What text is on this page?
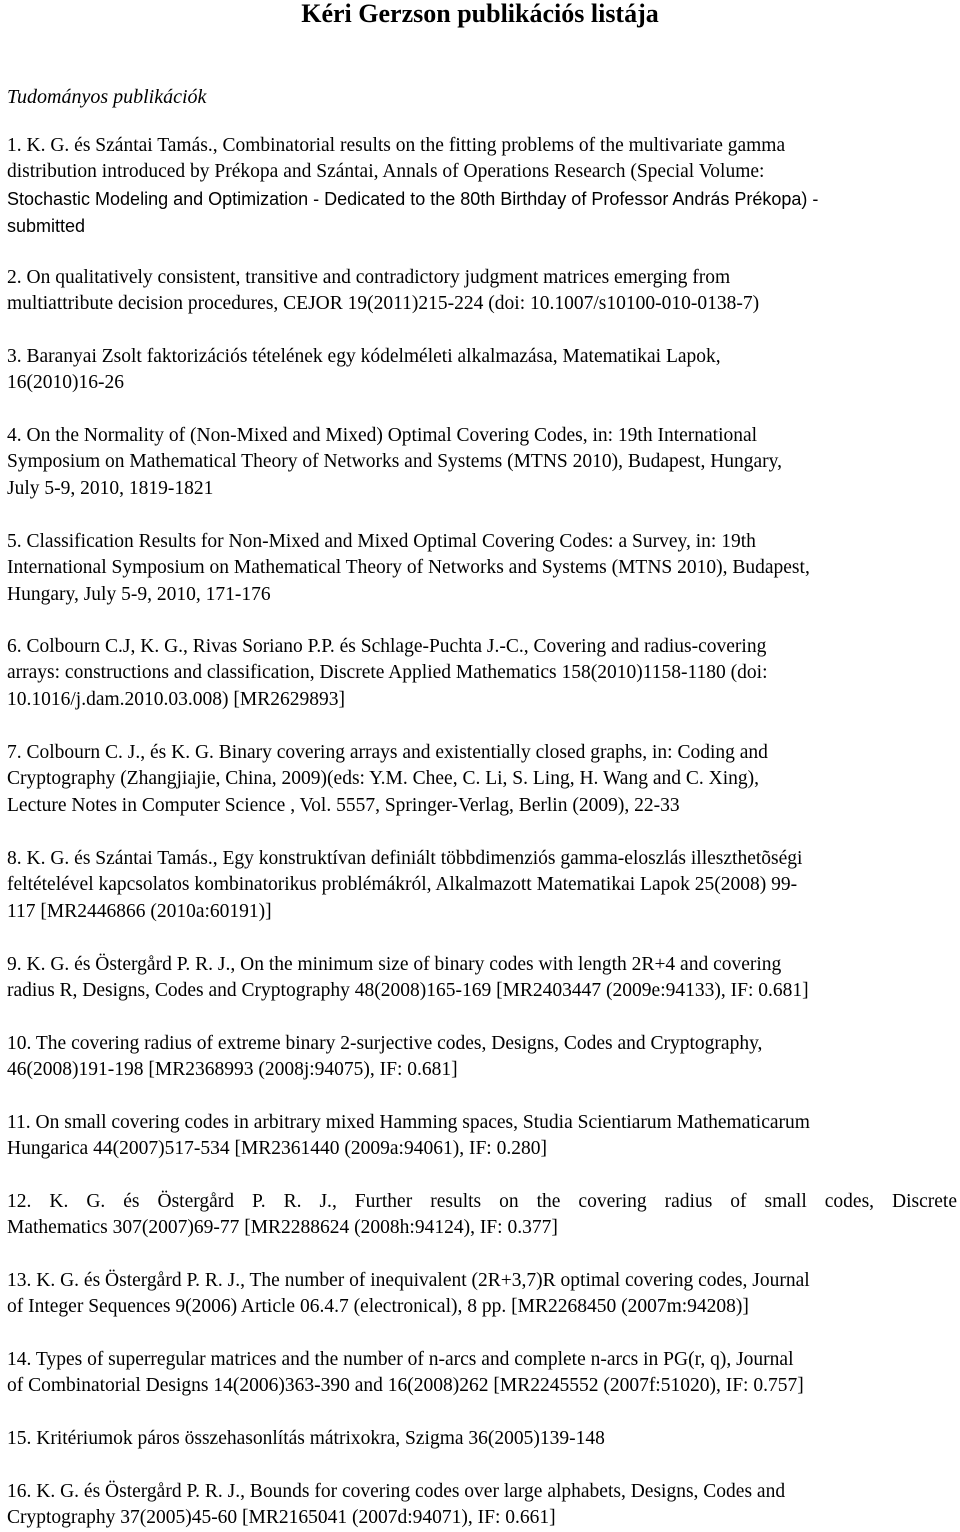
Kéri Gerzson publikációs listája
Tudományos publikációk
1. K. G. és Szántai Tamás., Combinatorial results on the fitting problems of the multivariate gamma
distribution introduced by Prékopa and Szántai, Annals of Operations Research (Special Volume:
Stochastic Modeling and Optimization - Dedicated to the 80th Birthday of Professor András Prékopa) -
submitted
2. On qualitatively consistent, transitive and contradictory judgment matrices emerging from
multiattribute decision procedures, CEJOR 19(2011)215-224 (doi: 10.1007/s10100-010-0138-7)
3. Baranyai Zsolt faktorizációs tételének egy kódelméleti alkalmazása, Matematikai Lapok,
16(2010)16-26
4. On the Normality of (Non-Mixed and Mixed) Optimal Covering Codes, in: 19th International
Symposium on Mathematical Theory of Networks and Systems (MTNS 2010), Budapest, Hungary,
July 5-9, 2010, 1819-1821
5. Classification Results for Non-Mixed and Mixed Optimal Covering Codes: a Survey, in: 19th
International Symposium on Mathematical Theory of Networks and Systems (MTNS 2010), Budapest,
Hungary, July 5-9, 2010, 171-176
6. Colbourn C.J, K. G., Rivas Soriano P.P. és Schlage-Puchta J.-C., Covering and radius-covering
arrays: constructions and classification, Discrete Applied Mathematics 158(2010)1158-1180 (doi:
10.1016/j.dam.2010.03.008) [MR2629893]
7. Colbourn C. J., és K. G. Binary covering arrays and existentially closed graphs, in: Coding and
Cryptography (Zhangjiajie, China, 2009)(eds: Y.M. Chee, C. Li, S. Ling, H. Wang and C. Xing),
Lecture Notes in Computer Science , Vol. 5557, Springer-Verlag, Berlin (2009), 22-33
8. K. G. és Szántai Tamás., Egy konstruktívan definiált többdimenziós gamma-eloszlás illeszthetõségi
feltételével kapcsolatos kombinatorikus problémákról, Alkalmazott Matematikai Lapok 25(2008) 99-
117 [MR2446866 (2010a:60191)]
9. K. G. és Östergård P. R. J., On the minimum size of binary codes with length 2R+4 and covering
radius R, Designs, Codes and Cryptography 48(2008)165-169 [MR2403447 (2009e:94133), IF: 0.681]
10. The covering radius of extreme binary 2-surjective codes, Designs, Codes and Cryptography,
46(2008)191-198 [MR2368993 (2008j:94075), IF: 0.681]
11. On small covering codes in arbitrary mixed Hamming spaces, Studia Scientiarum Mathematicarum
Hungarica 44(2007)517-534 [MR2361440 (2009a:94061), IF: 0.280]
12. K. G. és Östergård P. R. J., Further results on the covering radius of small codes, Discrete
Mathematics 307(2007)69-77 [MR2288624 (2008h:94124), IF: 0.377]
13. K. G. és Östergård P. R. J., The number of inequivalent (2R+3,7)R optimal covering codes, Journal
of Integer Sequences 9(2006) Article 06.4.7 (electronical), 8 pp. [MR2268450 (2007m:94208)]
14. Types of superregular matrices and the number of n-arcs and complete n-arcs in PG(r, q), Journal
of Combinatorial Designs 14(2006)363-390 and 16(2008)262 [MR2245552 (2007f:51020), IF: 0.757]
15. Kritériumok páros összehasonlítás mátrixokra, Szigma 36(2005)139-148
16. K. G. és Östergård P. R. J., Bounds for covering codes over large alphabets, Designs, Codes and
Cryptography 37(2005)45-60 [MR2165041 (2007d:94071), IF: 0.661]
